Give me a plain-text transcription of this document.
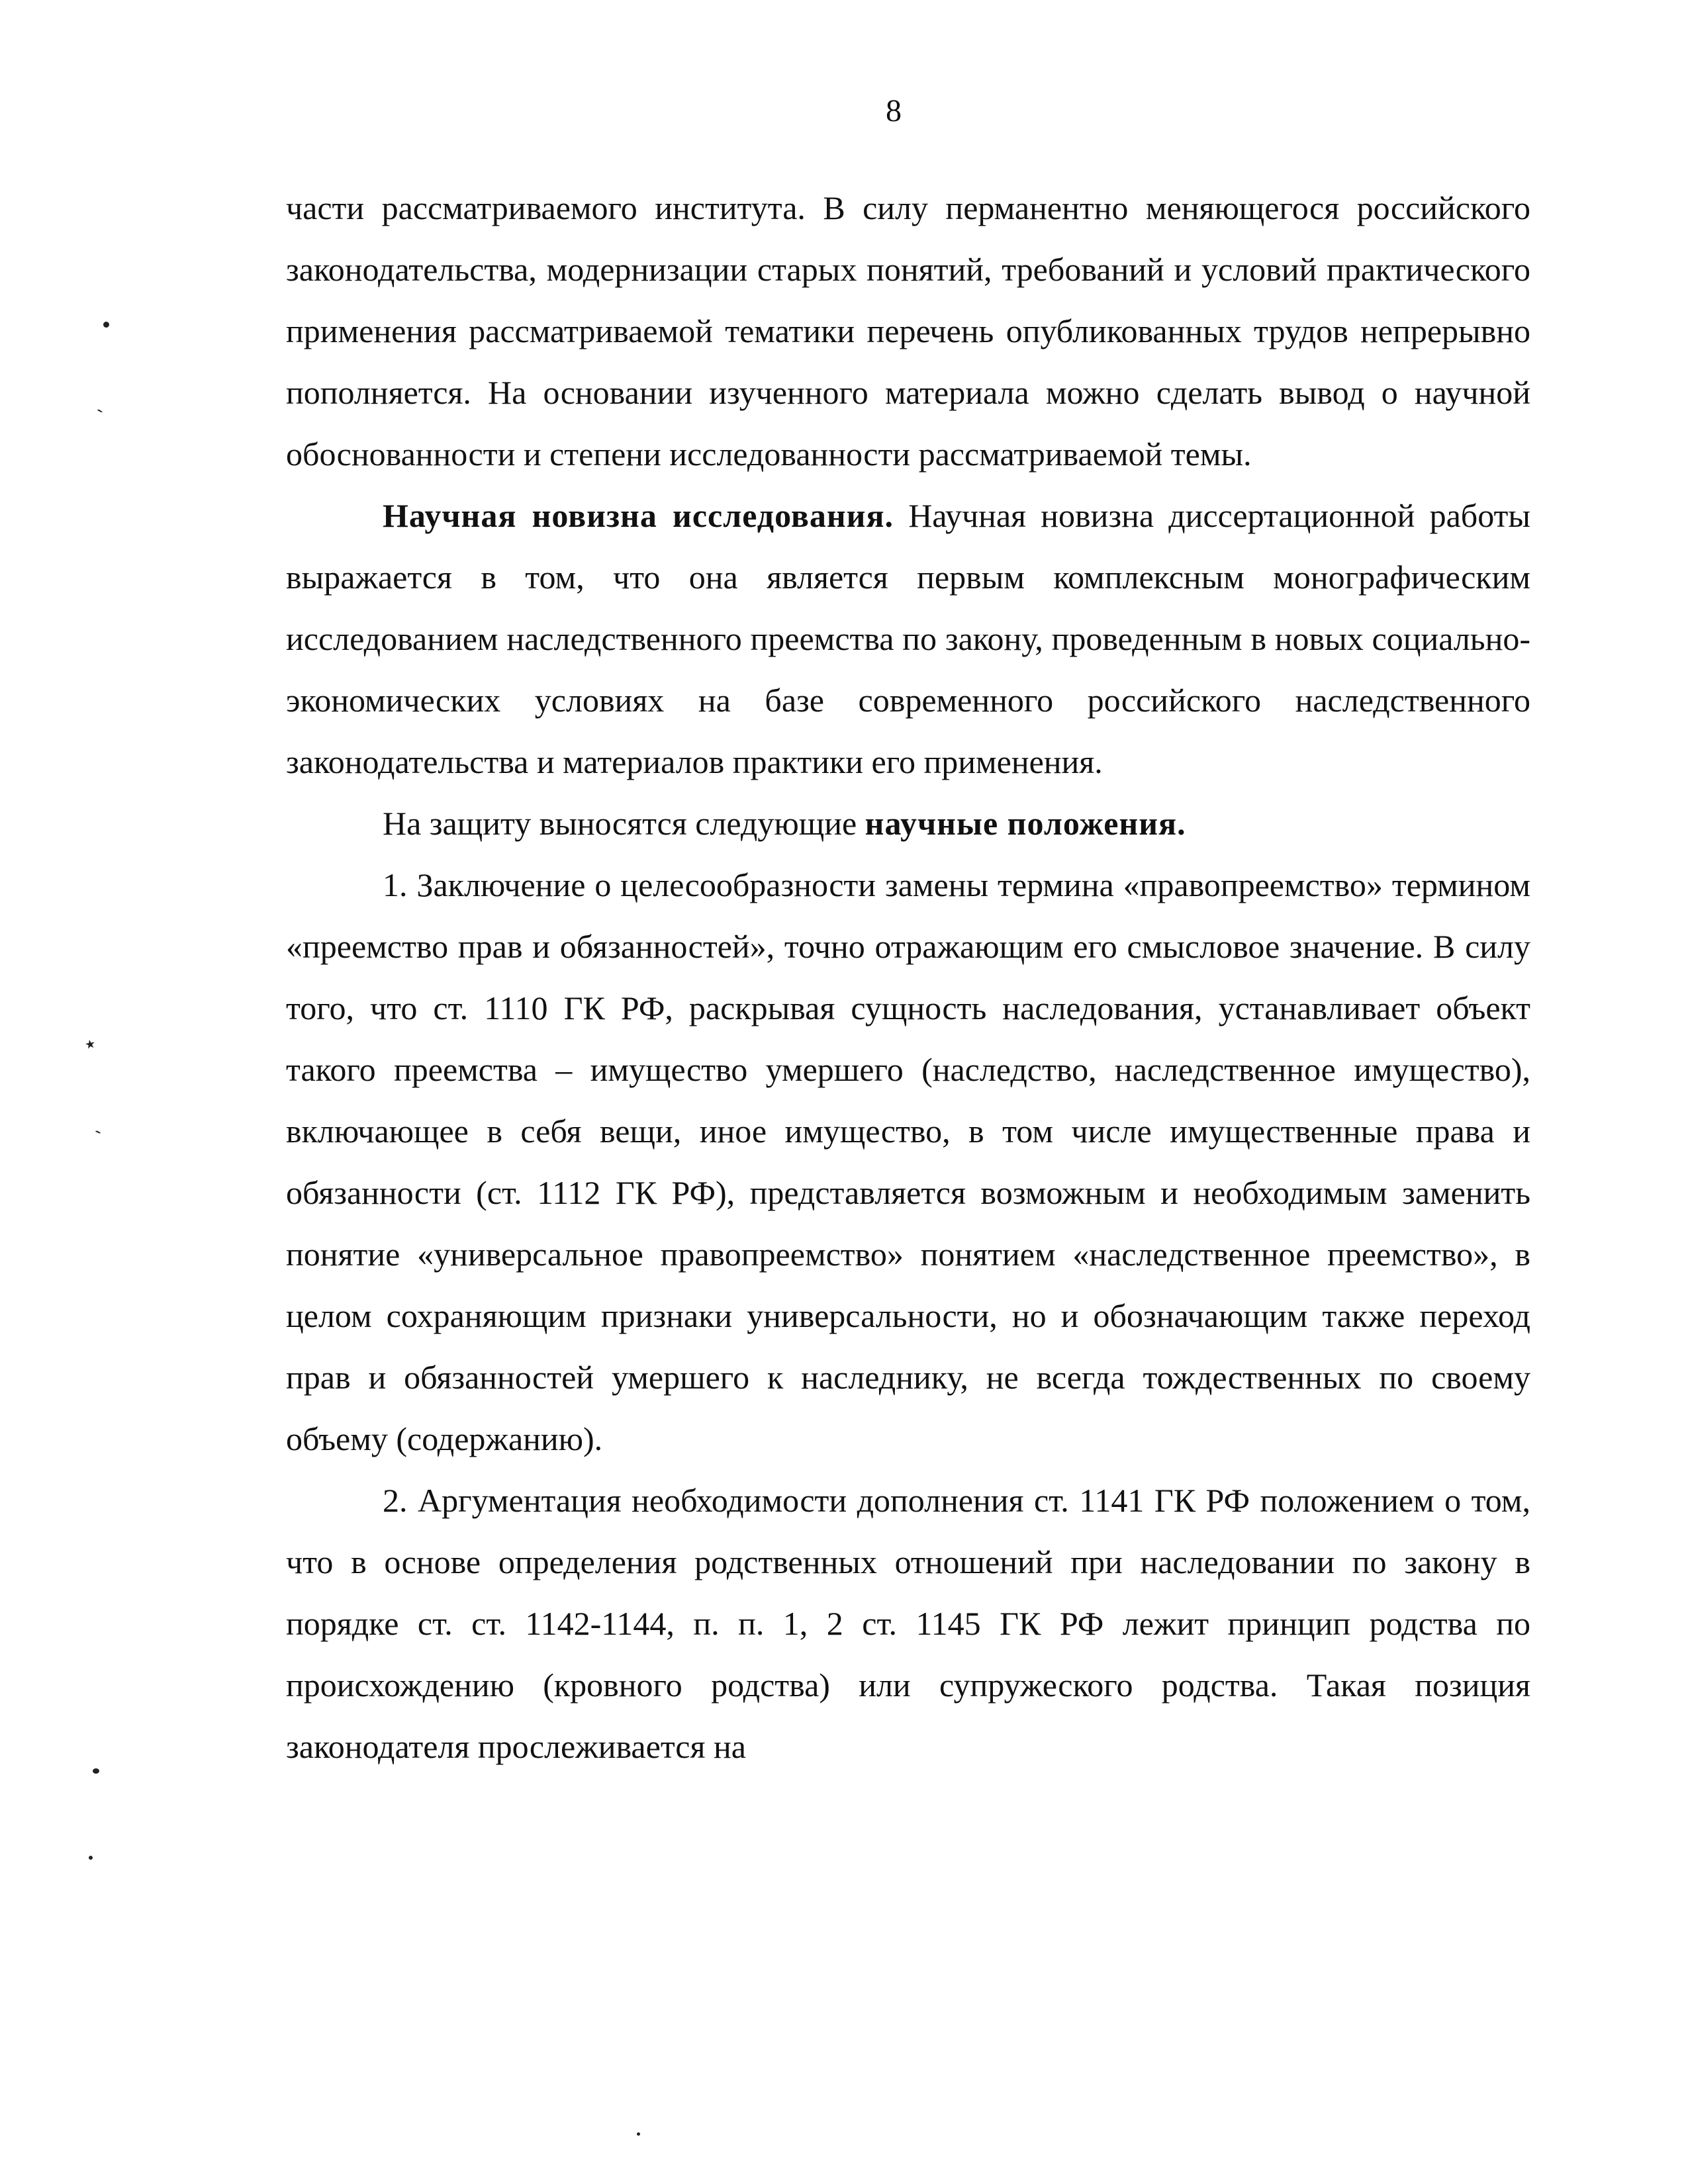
8

части рассматриваемого института. В силу перманентно меняющегося российского законодательства, модернизации старых понятий, требований и условий практического применения рассматриваемой тематики перечень опубликованных трудов непрерывно пополняется. На основании изученного материала можно сделать вывод о научной обоснованности и степени исследованности рассматриваемой темы.

Научная новизна исследования. Научная новизна диссертационной работы выражается в том, что она является первым комплексным монографическим исследованием наследственного преемства по закону, проведенным в новых социально-экономических условиях на базе современного российского наследственного законодательства и материалов практики его применения.

На защиту выносятся следующие научные положения.

1. Заключение о целесообразности замены термина «правопреемство» термином «преемство прав и обязанностей», точно отражающим его смысловое значение. В силу того, что ст. 1110 ГК РФ, раскрывая сущность наследования, устанавливает объект такого преемства – имущество умершего (наследство, наследственное имущество), включающее в себя вещи, иное имущество, в том числе имущественные права и обязанности (ст. 1112 ГК РФ), представляется возможным и необходимым заменить понятие «универсальное правопреемство» понятием «наследственное преемство», в целом сохраняющим признаки универсальности, но и обозначающим также переход прав и обязанностей умершего к наследнику, не всегда тождественных по своему объему (содержанию).

2. Аргументация необходимости дополнения ст. 1141 ГК РФ положением о том, что в основе определения родственных отношений при наследовании по закону в порядке ст. ст. 1142-1144, п. п. 1, 2 ст. 1145 ГК РФ лежит принцип родства по происхождению (кровного родства) или супружеского родства. Такая позиция законодателя прослеживается на

ˎ
٭
ˎ
